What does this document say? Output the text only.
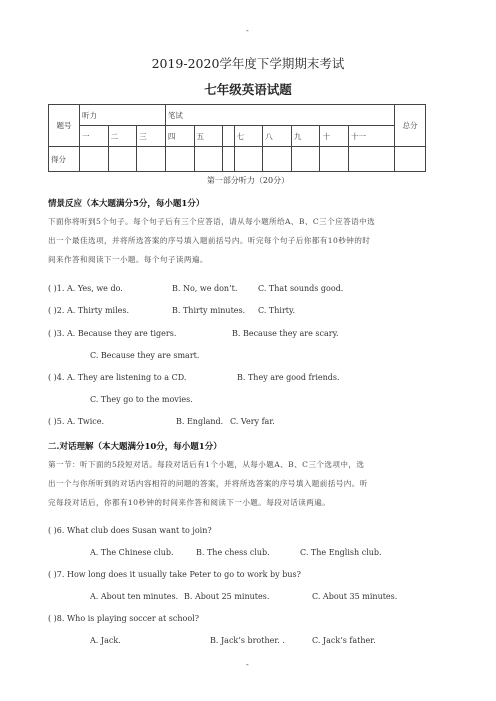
-
2019-2020学年度下学期期末考试
七年级英语试题
题号	听力			笔试								总分
	一	二	三	四	五		七	八	九	十	十一	
得分												
第一部分听力（20分）
情景反应（本大题满分5分，每小题1分）
下面你将听到5个句子。每个句子后有三个应答语，请从每小题所给A、B、C三个应答语中选
出一个最佳选项，并将所选答案的序号填入题前括号内。听完每个句子后你都有10秒钟的时
间来作答和阅读下一小题。每个句子读两遍。
( )1. A. Yes, we do.	B. No, we don’t.	C. That sounds good.
( )2. A. Thirty miles.	B. Thirty minutes. C. Thirty.
( )3. A. Because they are tigers.	B. Because they are scary.
C. Because they are smart.
( )4. A. They are listening to a CD.	B. They are good friends.
C. They go to the movies.
( )5. A. Twice.	B. England. C. Very far.
二.对话理解（本大题满分10分，每小题1分）
第一节：听下面的5段短对话。每段对话后有1个小题，从每小题A、B、C三个选项中，选
出一个与你所听到的对话内容相符的问题的答案，并将所选答案的序号填入题前括号内。听
完每段对话后，你都有10秒钟的时间来作答和阅读下一小题。每段对话读两遍。
( )6. What club does Susan want to join?
A. The Chinese club.	B. The chess club.	C. The English club.
( )7. How long does it usually take Peter to go to work by bus?
A. About ten minutes. B. About 25 minutes.	C. About 35 minutes.
( )8. Who is playing soccer at school?
A. Jack.	B. Jack’s brother. .	C. Jack’s father.
-
